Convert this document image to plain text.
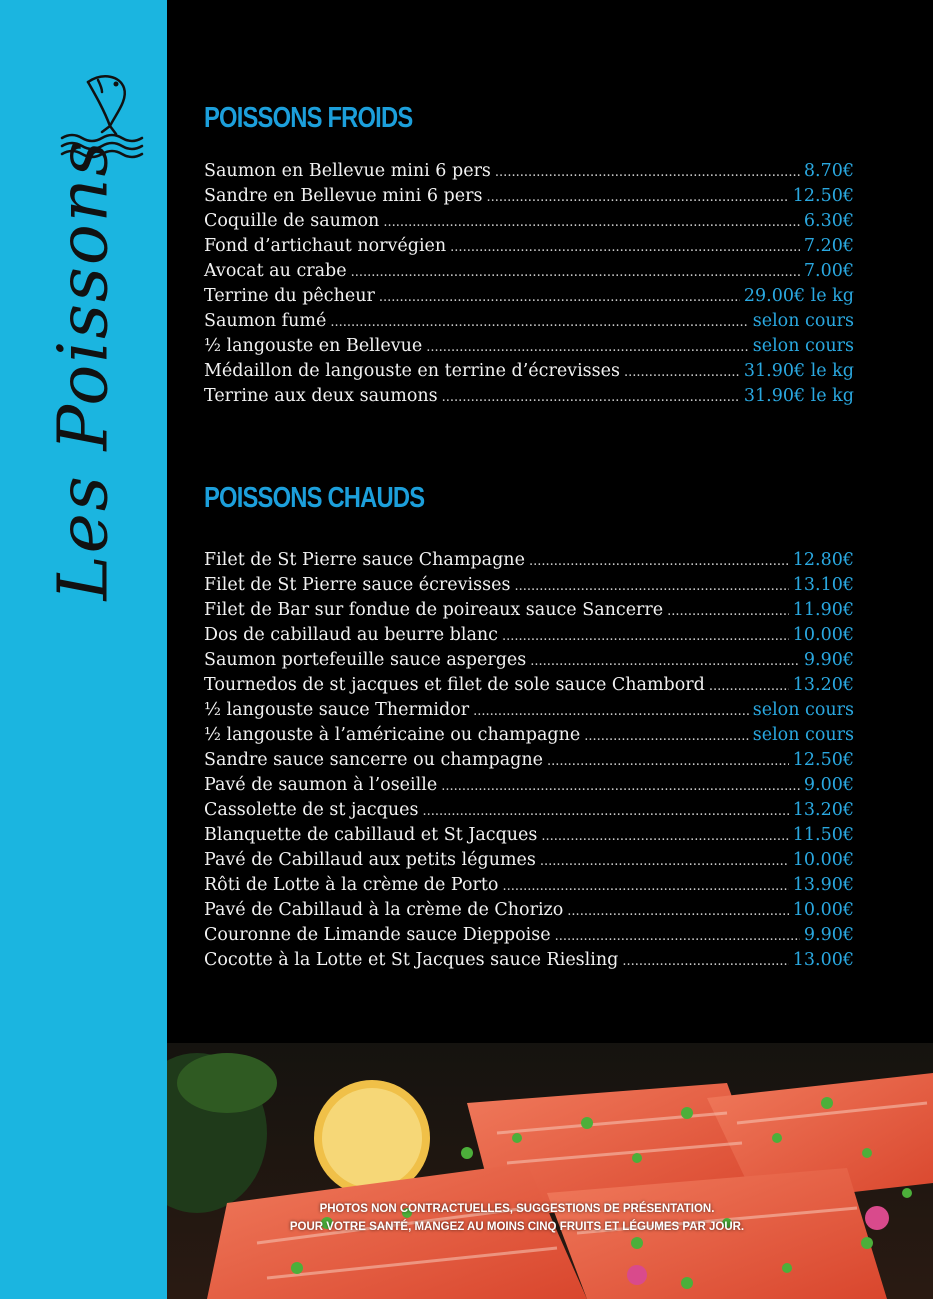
Les Poissons
POISSONS FROIDS
Saumon en Bellevue mini 6 pers .....	8.70€
Sandre en Bellevue mini 6 pers .....	12.50€
Coquille de saumon .....	6.30€
Fond d’artichaut norvégien .....	7.20€
Avocat au crabe .....	7.00€
Terrine du pêcheur .....	29.00€ le kg
Saumon fumé .....	selon cours
½ langouste en Bellevue .....	selon cours
Médaillon de langouste en terrine d’écrevisses .....	31.90€ le kg
Terrine aux deux saumons .....	31.90€ le kg
POISSONS CHAUDS
Filet de St Pierre sauce Champagne .....	12.80€
Filet de St Pierre sauce écrevisses .....	13.10€
Filet de Bar sur fondue de poireaux sauce Sancerre .....	11.90€
Dos de cabillaud au beurre blanc .....	10.00€
Saumon portefeuille sauce asperges .....	9.90€
Tournedos de st jacques et filet de sole sauce Chambord .....	13.20€
½ langouste sauce Thermidor .....	selon cours
½ langouste à l’américaine ou champagne .....	selon cours
Sandre sauce sancerre ou champagne .....	12.50€
Pavé de saumon à l’oseille .....	9.00€
Cassolette de st jacques .....	13.20€
Blanquette de cabillaud et St Jacques .....	11.50€
Pavé de Cabillaud aux petits légumes .....	10.00€
Rôti de Lotte à la crème de Porto .....	13.90€
Pavé de Cabillaud à la crème de Chorizo .....	10.00€
Couronne de Limande sauce Dieppoise .....	9.90€
Cocotte à la Lotte et St Jacques sauce Riesling .....	13.00€
PHOTOS NON CONTRACTUELLES, SUGGESTIONS DE PRÉSENTATION.
POUR VOTRE SANTÉ, MANGEZ AU MOINS CINQ FRUITS ET LÉGUMES PAR JOUR.
